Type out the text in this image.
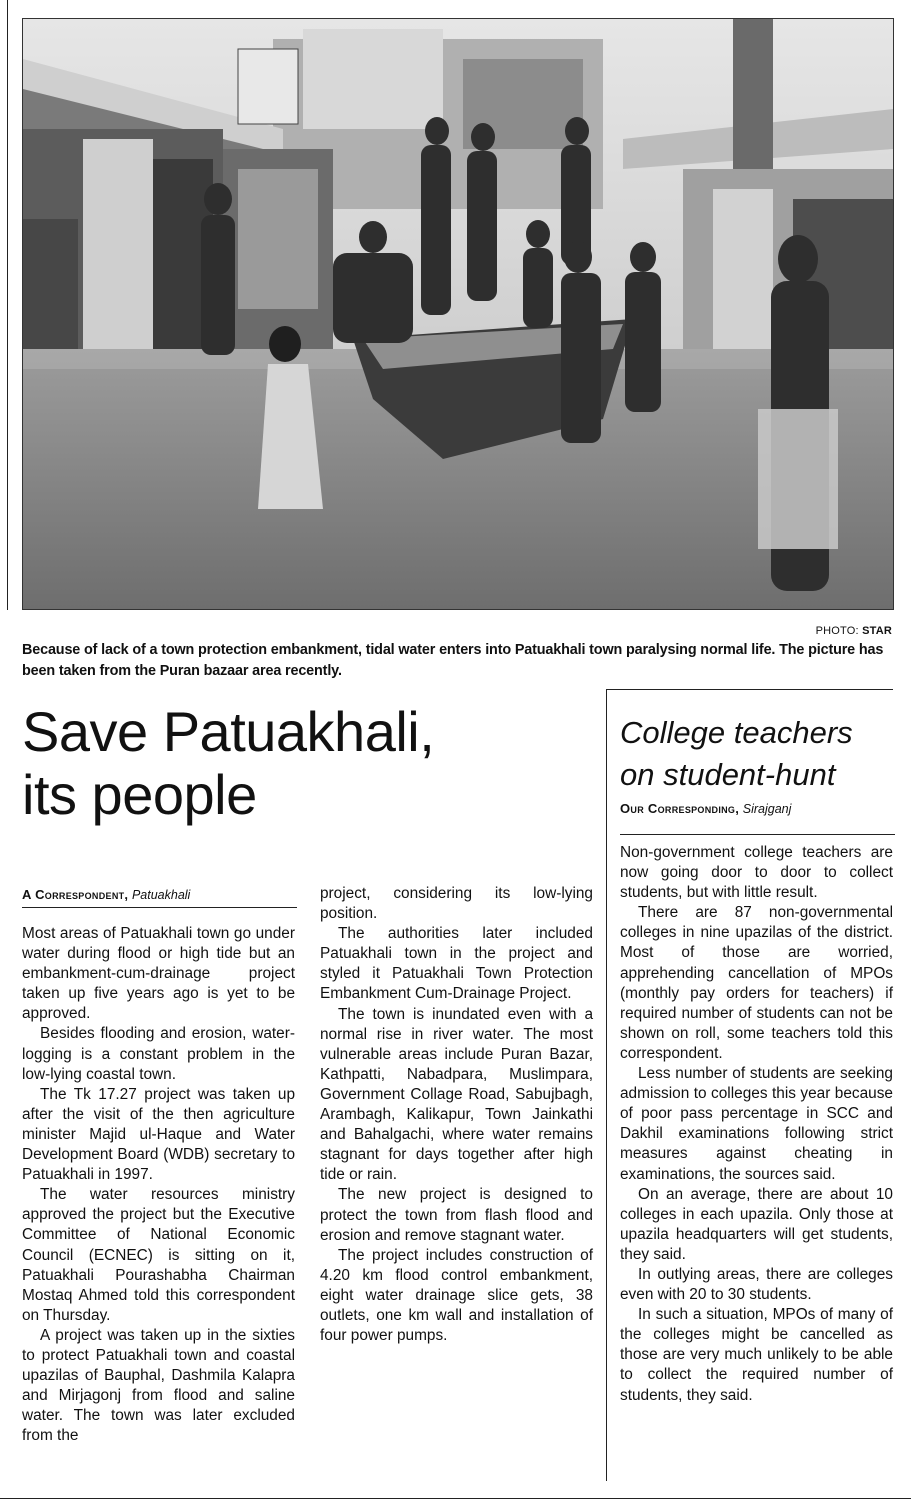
PHOTO: STAR
Because of lack of a town protection embankment, tidal water enters into Patuakhali town paralysing normal life. The picture has been taken from the Puran bazaar area recently.
Save Patuakhali,
its people
A Correspondent, Patuakhali

Most areas of Patuakhali town go under water during flood or high tide but an embankment-cum-drainage project taken up five years ago is yet to be approved.

Besides flooding and erosion, water-logging is a constant problem in the low-lying coastal town.

The Tk 17.27 project was taken up after the visit of the then agriculture minister Majid ul-Haque and Water Development Board (WDB) secretary to Patuakhali in 1997.

The water resources ministry approved the project but the Executive Committee of National Economic Council (ECNEC) is sitting on it, Patuakhali Pourashabha Chairman Mostaq Ahmed told this correspondent on Thursday.

A project was taken up in the sixties to protect Patuakhali town and coastal upazilas of Bauphal, Dashmila Kalapra and Mirjagonj from flood and saline water. The town was later excluded from the

project, considering its low-lying position.

The authorities later included Patuakhali town in the project and styled it Patuakhali Town Protection Embankment Cum-Drainage Project.

The town is inundated even with a normal rise in river water. The most vulnerable areas include Puran Bazar, Kathpatti, Nabadpara, Muslimpara, Government Collage Road, Sabujbagh, Arambagh, Kalikapur, Town Jainkathi and Bahalgachi, where water remains stagnant for days together after high tide or rain.

The new project is designed to protect the town from flash flood and erosion and remove stagnant water.

The project includes construction of 4.20 km flood control embankment, eight water drainage slice gets, 38 outlets, one km wall and installation of four power pumps.

College teachers
on student-hunt
Our Corresponding, Sirajganj

Non-government college teachers are now going door to door to collect students, but with little result.

There are 87 non-governmental colleges in nine upazilas of the district. Most of those are worried, apprehending cancellation of MPOs (monthly pay orders for teachers) if required number of students can not be shown on roll, some teachers told this correspondent.

Less number of students are seeking admission to colleges this year because of poor pass percentage in SCC and Dakhil examinations following strict measures against cheating in examinations, the sources said.

On an average, there are about 10 colleges in each upazila. Only those at upazila headquarters will get students, they said.

In outlying areas, there are colleges even with 20 to 30 students.

In such a situation, MPOs of many of the colleges might be cancelled as those are very much unlikely to be able to collect the required number of students, they said.
